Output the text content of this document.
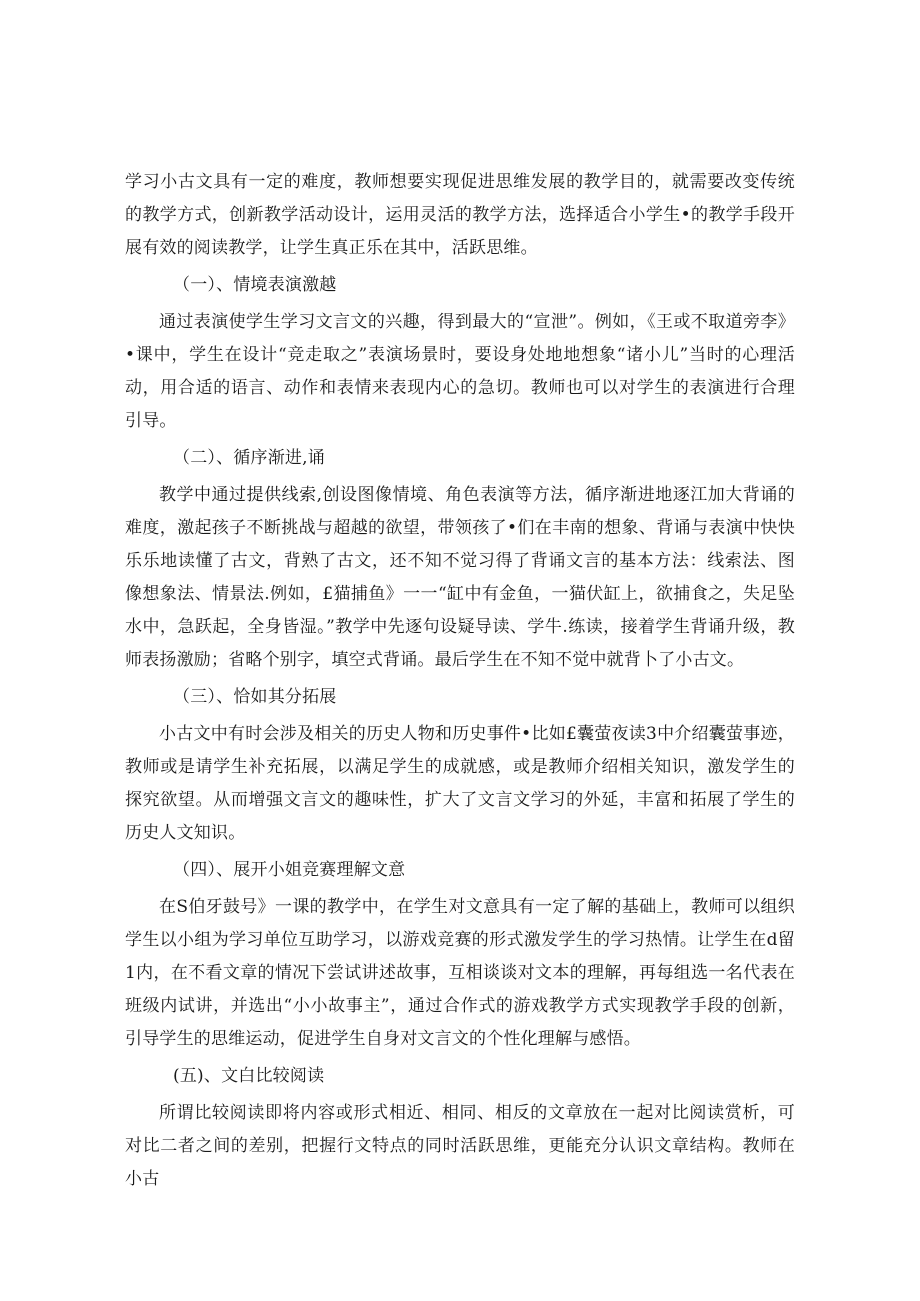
学习小古文具有一定的难度，教师想要实现促进思维发展的教学目的，就需要改变传统的教学方式，创新教学活动设计，运用灵活的教学方法，选择适合小学生•的教学手段开展有效的阅读教学，让学生真正乐在其中，活跃思维。

（一）、情境表演激越

通过表演使学生学习文言文的兴趣，得到最大的“宣泄”。例如，《王或不取道旁李》•课中，学生在设计“竞走取之”表演场景时，要设身处地地想象“诸小儿”当时的心理活动，用合适的语言、动作和表情来表现内心的急切。教师也可以对学生的表演进行合理引导。

（二）、循序渐进,诵

教学中通过提供线索,创设图像情境、角色表演等方法，循序渐进地逐江加大背诵的难度，激起孩子不断挑战与超越的欲望，带领孩了•们在丰南的想象、背诵与表演中快快乐乐地读懂了古文，背熟了古文，还不知不觉习得了背诵文言的基本方法：线索法、图像想象法、情景法.例如，£猫捕鱼》一一“缸中有金鱼，一猫伏缸上，欲捕食之，失足坠水中，急跃起，全身皆湿。”教学中先逐句设疑导读、学牛.练读，接着学生背诵升级，教师表扬激励；省略个别字，填空式背诵。最后学生在不知不觉中就背卜了小古文。

（三）、恰如其分拓展

小古文中有时会涉及相关的历史人物和历史事件•比如£囊萤夜读3中介绍囊萤事迹，教师或是请学生补充拓展，以满足学生的成就感，或是教师介绍相关知识，激发学生的探究欲望。从而增强文言文的趣味性，扩大了文言文学习的外延，丰富和拓展了学生的历史人文知识。

（四）、展开小姐竞赛理解文意

在S伯牙鼓号》一课的教学中，在学生对文意具有一定了解的基础上，教师可以组织学生以小组为学习单位互助学习，以游戏竞赛的形式激发学生的学习热情。让学生在d留1内，在不看文章的情况下尝试讲述故事，互相谈谈对文本的理解，再每组选一名代表在班级内试讲，并选出“小小故事主”，通过合作式的游戏教学方式实现教学手段的创新，引导学生的思维运动，促进学生自身对文言文的个性化理解与感悟。

(五)、文白比较阅读

所谓比较阅读即将内容或形式相近、相同、相反的文章放在一起对比阅读赏析，可对比二者之间的差别，把握行文特点的同时活跃思维，更能充分认识文章结构。教师在小古
